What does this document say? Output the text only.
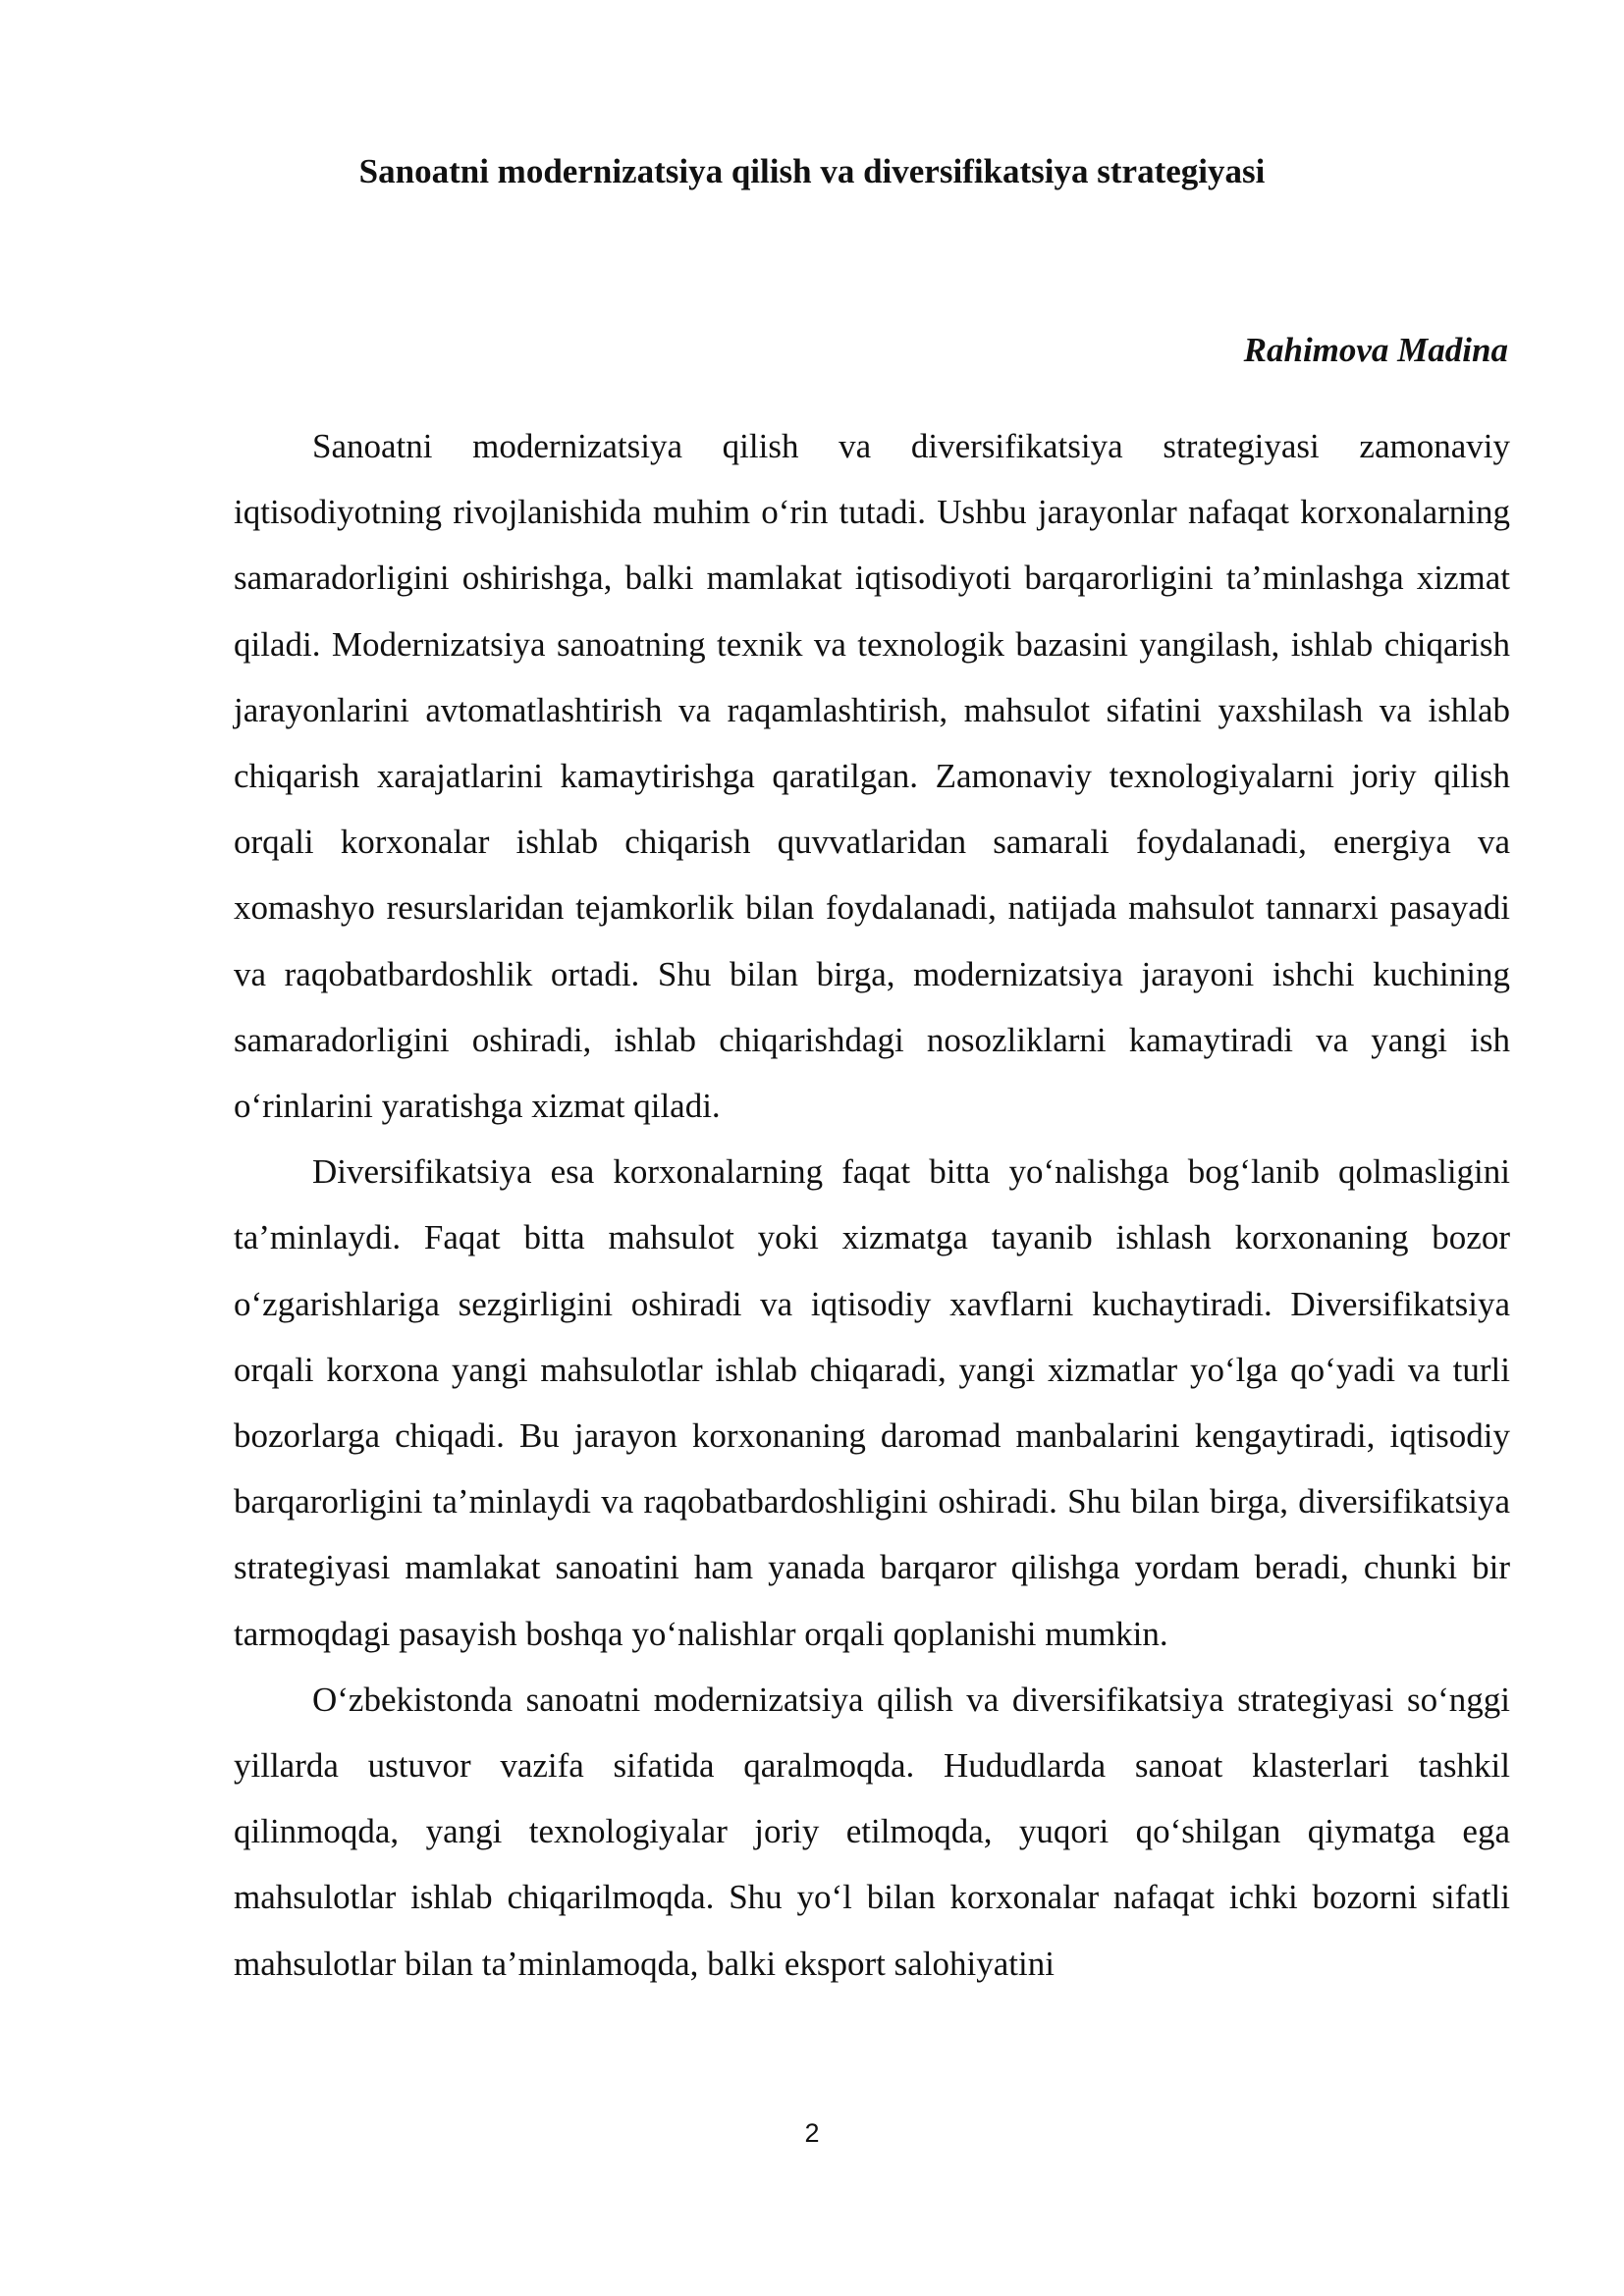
Sanoatni modernizatsiya qilish va diversifikatsiya strategiyasi

Rahimova Madina

Sanoatni modernizatsiya qilish va diversifikatsiya strategiyasi zamonaviy iqtisodiyotning rivojlanishida muhim o‘rin tutadi. Ushbu jarayonlar nafaqat korxonalarning samaradorligini oshirishga, balki mamlakat iqtisodiyoti barqarorligini ta’minlashga xizmat qiladi. Modernizatsiya sanoatning texnik va texnologik bazasini yangilash, ishlab chiqarish jarayonlarini avtomatlashtirish va raqamlashtirish, mahsulot sifatini yaxshilash va ishlab chiqarish xarajatlarini kamaytirishga qaratilgan. Zamonaviy texnologiyalarni joriy qilish orqali korxonalar ishlab chiqarish quvvatlaridan samarali foydalanadi, energiya va xomashyo resurslaridan tejamkorlik bilan foydalanadi, natijada mahsulot tannarxi pasayadi va raqobatbardoshlik ortadi. Shu bilan birga, modernizatsiya jarayoni ishchi kuchining samaradorligini oshiradi, ishlab chiqarishdagi nosozliklarni kamaytiradi va yangi ish o‘rinlarini yaratishga xizmat qiladi.

Diversifikatsiya esa korxonalarning faqat bitta yo‘nalishga bog‘lanib qolmasligini ta’minlaydi. Faqat bitta mahsulot yoki xizmatga tayanib ishlash korxonaning bozor o‘zgarishlariga sezgirligini oshiradi va iqtisodiy xavflarni kuchaytiradi. Diversifikatsiya orqali korxona yangi mahsulotlar ishlab chiqaradi, yangi xizmatlar yo‘lga qo‘yadi va turli bozorlarga chiqadi. Bu jarayon korxonaning daromad manbalarini kengaytiradi, iqtisodiy barqarorligini ta’minlaydi va raqobatbardoshligini oshiradi. Shu bilan birga, diversifikatsiya strategiyasi mamlakat sanoatini ham yanada barqaror qilishga yordam beradi, chunki bir tarmoqdagi pasayish boshqa yo‘nalishlar orqali qoplanishi mumkin.

O‘zbekistonda sanoatni modernizatsiya qilish va diversifikatsiya strategiyasi so‘nggi yillarda ustuvor vazifa sifatida qaralmoqda. Hududlarda sanoat klasterlari tashkil qilinmoqda, yangi texnologiyalar joriy etilmoqda, yuqori qo‘shilgan qiymatga ega mahsulotlar ishlab chiqarilmoqda. Shu yo‘l bilan korxonalar nafaqat ichki bozorni sifatli mahsulotlar bilan ta’minlamoqda, balki eksport salohiyatini

2
